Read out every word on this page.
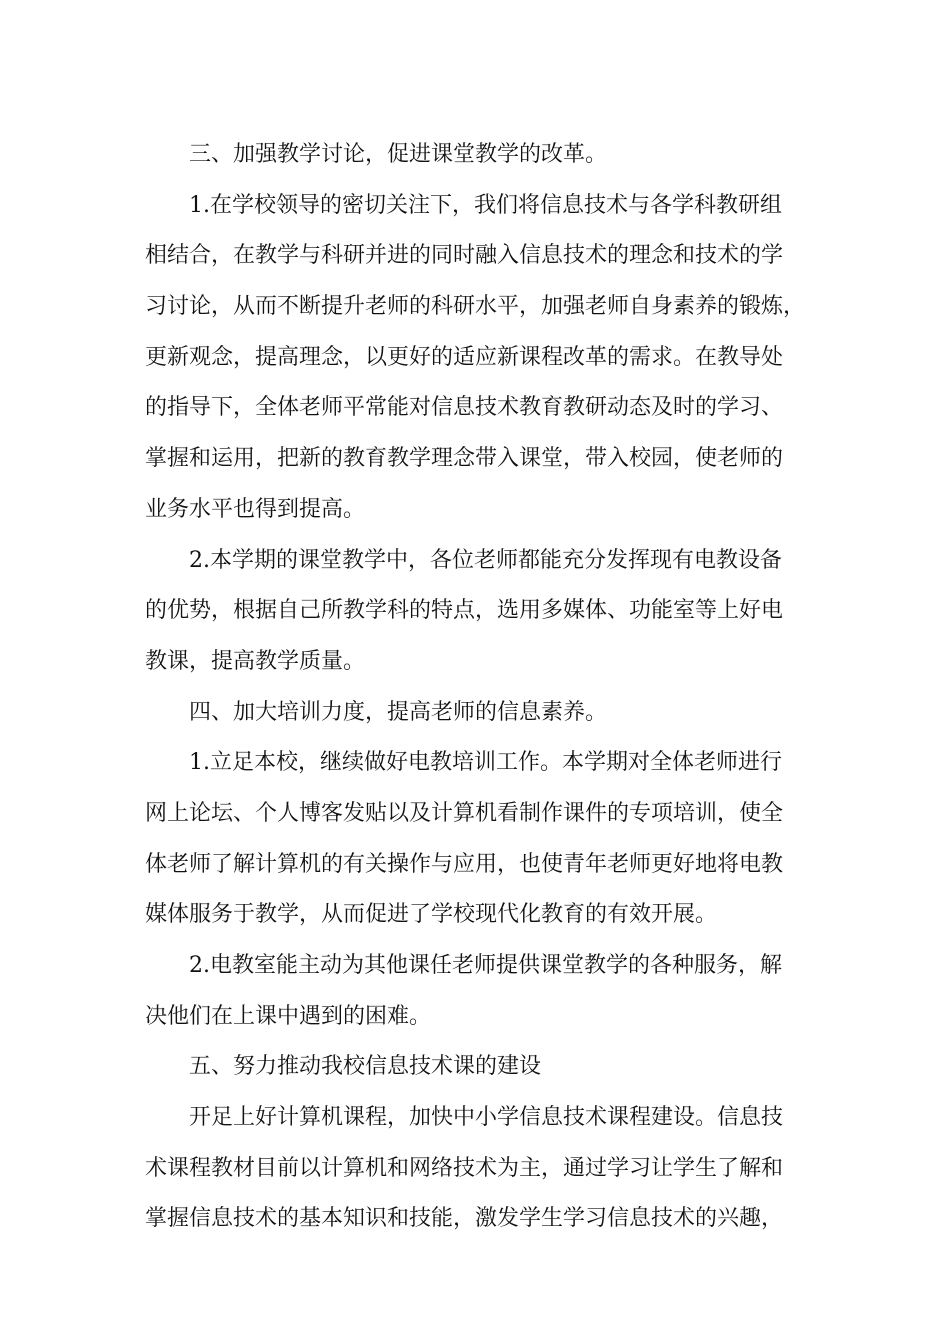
三、加强教学讨论，促进课堂教学的改革。
1.在学校领导的密切关注下，我们将信息技术与各学科教研组
相结合，在教学与科研并进的同时融入信息技术的理念和技术的学
习讨论，从而不断提升老师的科研水平，加强老师自身素养的锻炼，
更新观念，提高理念，以更好的适应新课程改革的需求。在教导处
的指导下，全体老师平常能对信息技术教育教研动态及时的学习、
掌握和运用，把新的教育教学理念带入课堂，带入校园，使老师的
业务水平也得到提高。
2.本学期的课堂教学中，各位老师都能充分发挥现有电教设备
的优势，根据自己所教学科的特点，选用多媒体、功能室等上好电
教课，提高教学质量。
四、加大培训力度，提高老师的信息素养。
1.立足本校，继续做好电教培训工作。本学期对全体老师进行
网上论坛、个人博客发贴以及计算机看制作课件的专项培训，使全
体老师了解计算机的有关操作与应用，也使青年老师更好地将电教
媒体服务于教学，从而促进了学校现代化教育的有效开展。
2.电教室能主动为其他课任老师提供课堂教学的各种服务，解
决他们在上课中遇到的困难。
五、努力推动我校信息技术课的建设
开足上好计算机课程，加快中小学信息技术课程建设。信息技
术课程教材目前以计算机和网络技术为主，通过学习让学生了解和
掌握信息技术的基本知识和技能，激发学生学习信息技术的兴趣，
